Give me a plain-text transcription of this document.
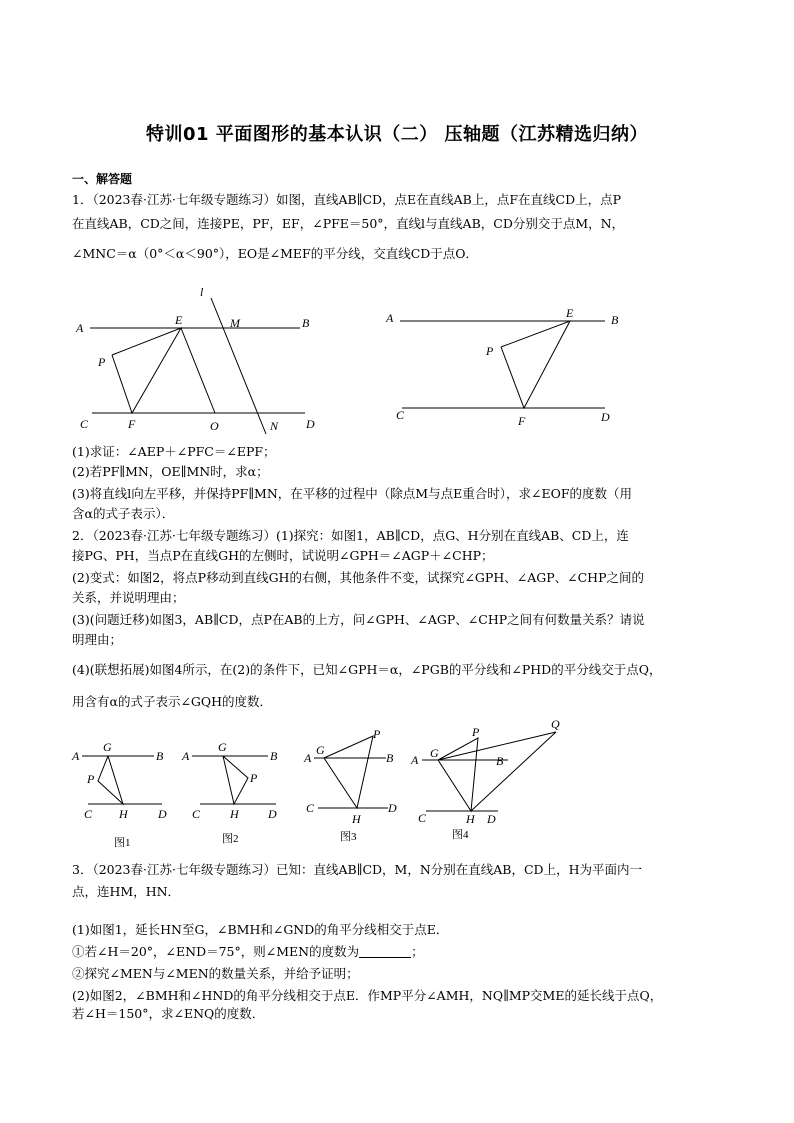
特训01 平面图形的基本认识（二） 压轴题（江苏精选归纳）
一、解答题
1．（2023春·江苏·七年级专题练习）如图，直线AB∥CD，点E在直线AB上，点F在直线CD上，点P
在直线AB，CD之间，连接PE，PF，EF，∠PFE＝50°，直线l与直线AB，CD分别交于点M，N，
∠MNC＝α（0°＜α＜90°），EO是∠MEF的平分线，交直线CD于点O．
l
A
E	M	B
P
C	F	O	N D
A	E	B
P
C	F	D
(1)求证：∠AEP＋∠PFC＝∠EPF；
(2)若PF∥MN，OE∥MN时，求α；
(3)将直线l向左平移，并保持PF∥MN，在平移的过程中（除点M与点E重合时），求∠EOF的度数（用
含α的式子表示）．
2．（2023春·江苏·七年级专题练习）(1)探究：如图1，AB∥CD，点G、H分别在直线AB、CD上，连
接PG、PH，当点P在直线GH的左侧时，试说明∠GPH＝∠AGP＋∠CHP；
(2)变式：如图2，将点P移动到直线GH的右侧，其他条件不变，试探究∠GPH、∠AGP、∠CHP之间的
关系，并说明理由；
(3)(问题迁移)如图3，AB∥CD，点P在AB的上方，问∠GPH、∠AGP、∠CHP之间有何数量关系？请说
明理由；
(4)(联想拓展)如图4所示，在(2)的条件下，已知∠GPH＝α，∠PGB的平分线和∠PHD的平分线交于点Q，
用含有α的式子表示∠GQH的度数．
A
G
B
P
C H	D
图1
A
G
B
P
C H D
图2
A
G
B
P
C
H
D
图3
A G
B
P
Q
C	H D
图4
3．（2023春·江苏·七年级专题练习）已知：直线AB∥CD，M，N分别在直线AB，CD上，H为平面内一
点，连HM，HN．
(1)如图1，延长HN至G，∠BMH和∠GND的角平分线相交于点E．
①若∠H＝20°，∠END＝75°，则∠MEN的度数为	；
②探究∠MEN与∠MEN的数量关系，并给予证明；
(2)如图2，∠BMH和∠HND的角平分线相交于点E．作MP平分∠AMH，NQ∥MP交ME的延长线于点Q，
若∠H＝150°，求∠ENQ的度数．
